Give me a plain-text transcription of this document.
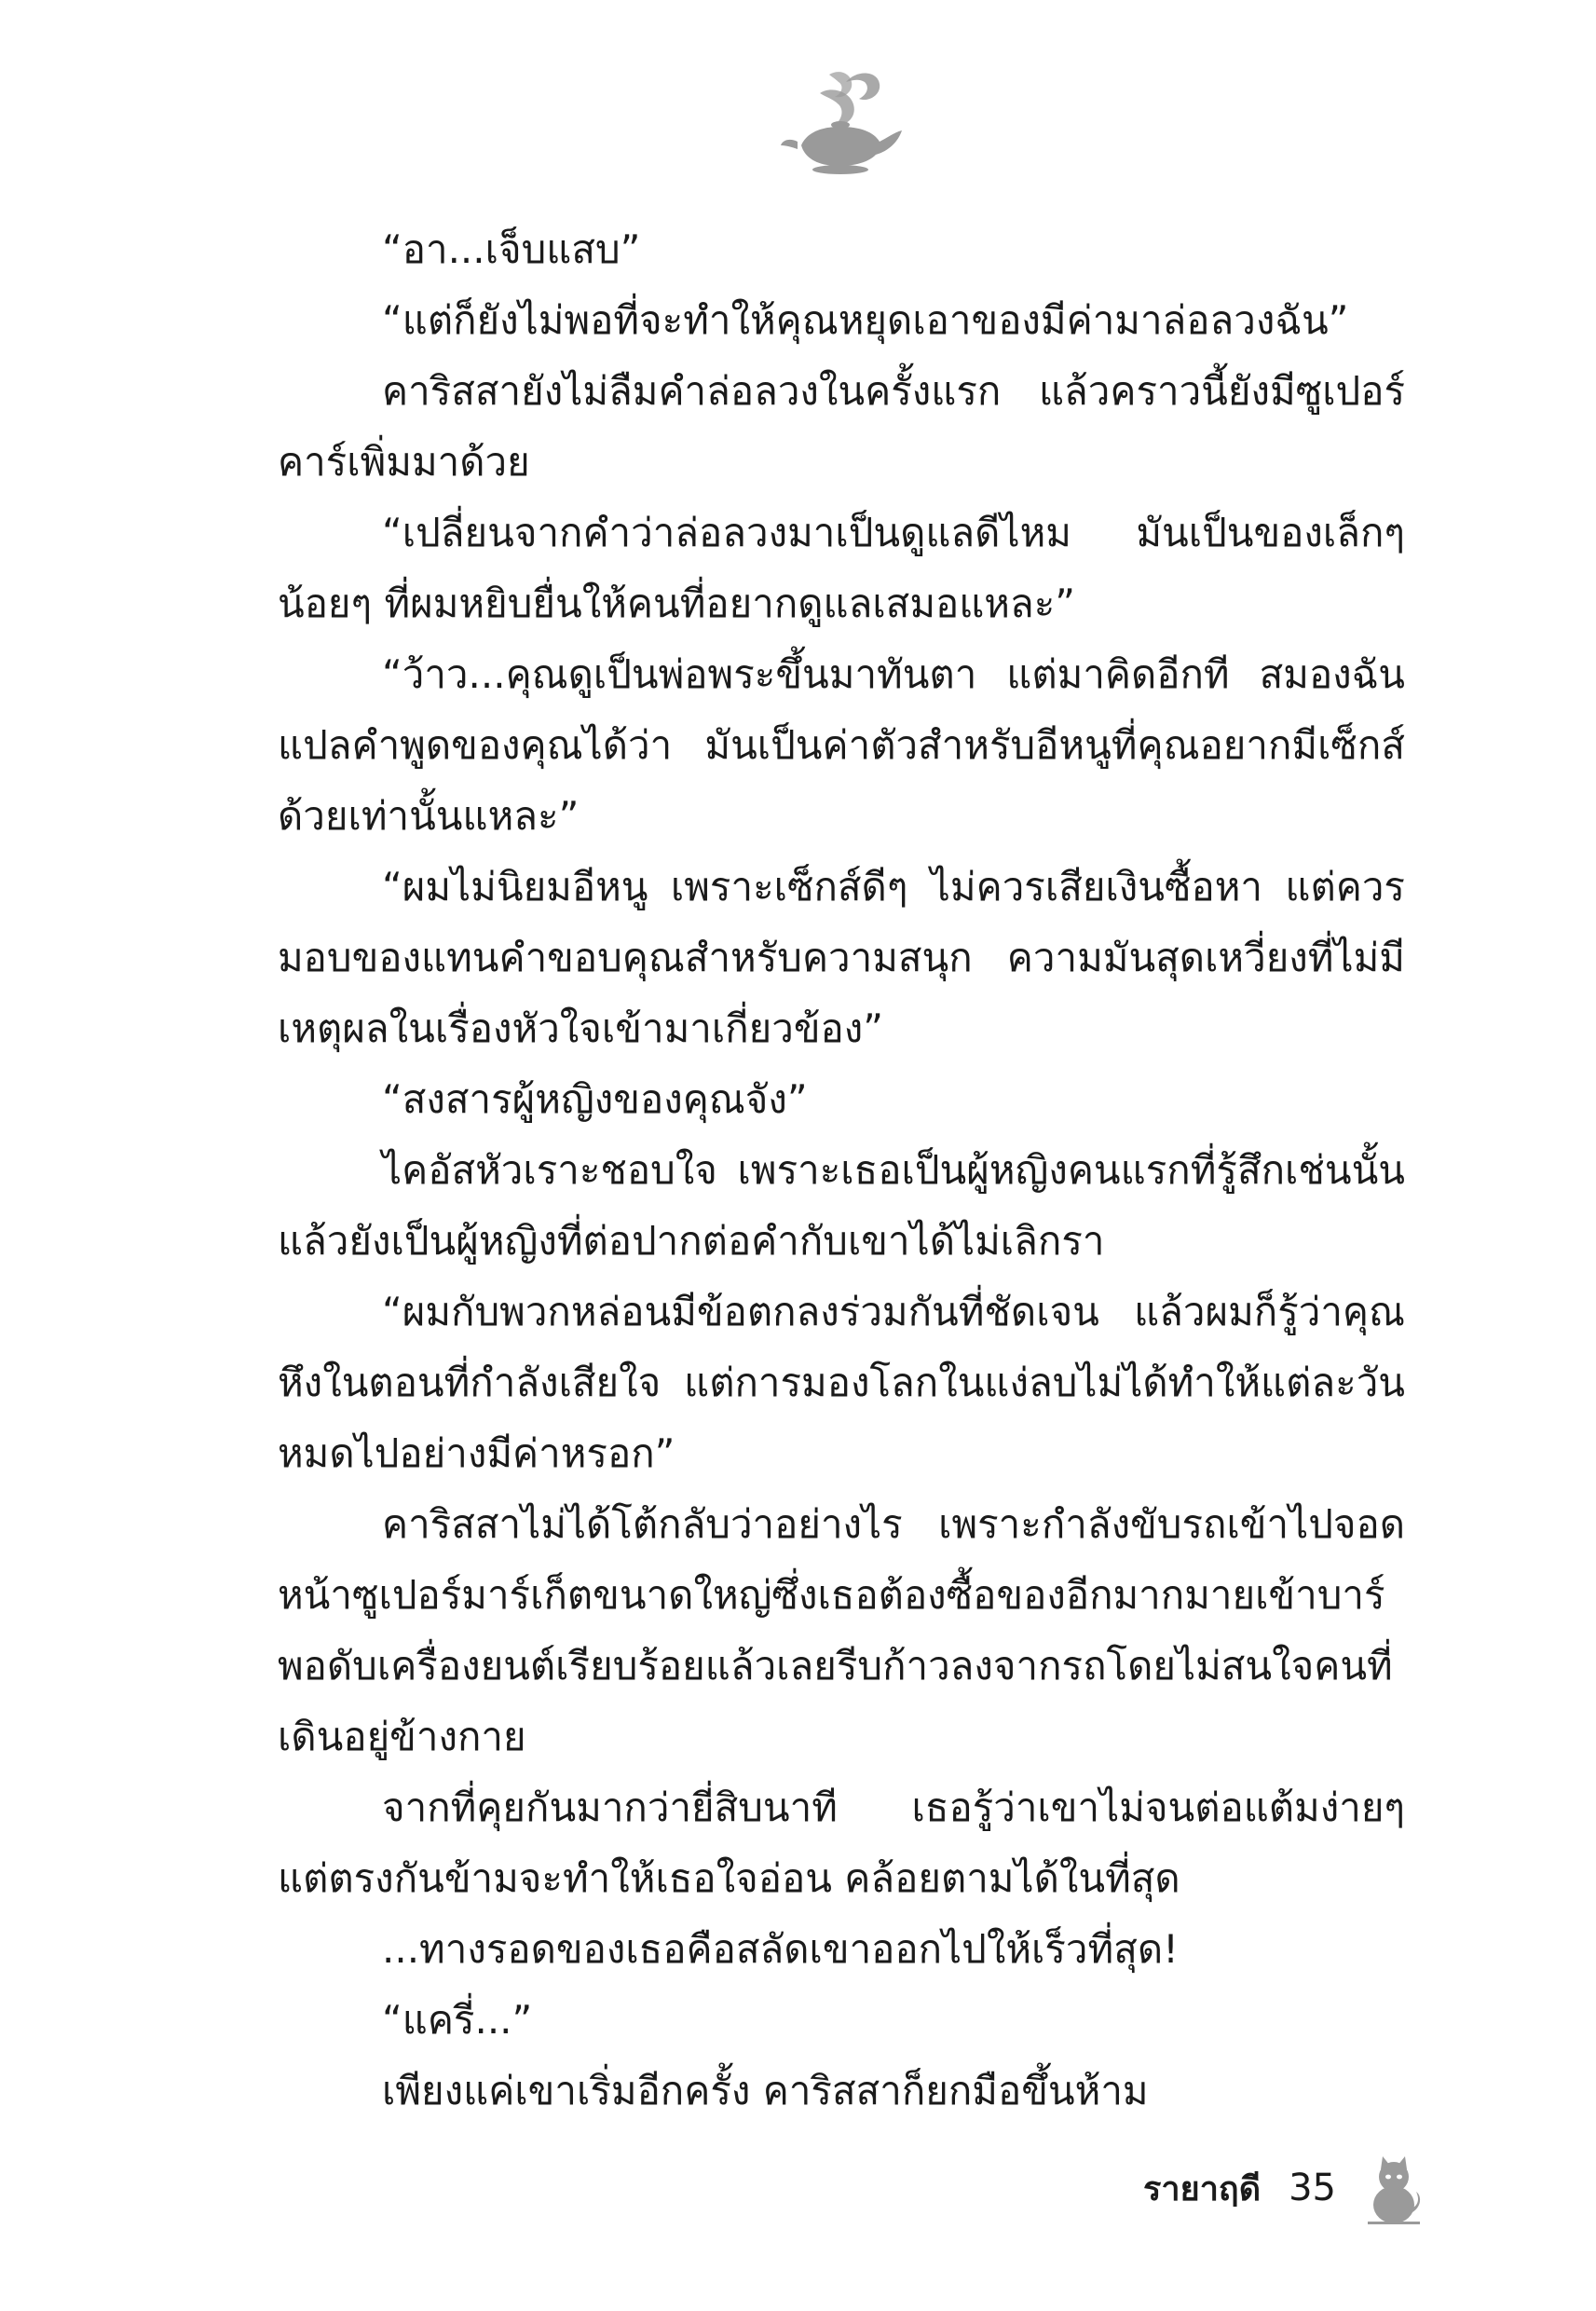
“อา...เจ็บแสบ”

“แต่ก็ยังไม่พอที่จะทำให้คุณหยุดเอาของมีค่ามาล่อลวงฉัน”

คาริสสายังไม่ลืมคำล่อลวงในครั้งแรก แล้วคราวนี้ยังมีซูเปอร์คาร์เพิ่มมาด้วย

“เปลี่ยนจากคำว่าล่อลวงมาเป็นดูแลดีไหม มันเป็นของเล็กๆ น้อยๆ ที่ผมหยิบยื่นให้คนที่อยากดูแลเสมอแหละ”

“ว้าว...คุณดูเป็นพ่อพระขึ้นมาทันตา แต่มาคิดอีกที สมองฉันแปลคำพูดของคุณได้ว่า มันเป็นค่าตัวสำหรับอีหนูที่คุณอยากมีเซ็กส์ด้วยเท่านั้นแหละ”

“ผมไม่นิยมอีหนู เพราะเซ็กส์ดีๆ ไม่ควรเสียเงินซื้อหา แต่ควรมอบของแทนคำขอบคุณสำหรับความสนุก ความมันสุดเหวี่ยงที่ไม่มีเหตุผลในเรื่องหัวใจเข้ามาเกี่ยวข้อง”

“สงสารผู้หญิงของคุณจัง”

ไคอัสหัวเราะชอบใจ เพราะเธอเป็นผู้หญิงคนแรกที่รู้สึกเช่นนั้น แล้วยังเป็นผู้หญิงที่ต่อปากต่อคำกับเขาได้ไม่เลิกรา

“ผมกับพวกหล่อนมีข้อตกลงร่วมกันที่ชัดเจน แล้วผมก็รู้ว่าคุณหึงในตอนที่กำลังเสียใจ แต่การมองโลกในแง่ลบไม่ได้ทำให้แต่ละวันหมดไปอย่างมีค่าหรอก”

คาริสสาไม่ได้โต้กลับว่าอย่างไร เพราะกำลังขับรถเข้าไปจอดหน้าซูเปอร์มาร์เก็ตขนาดใหญ่ซึ่งเธอต้องซื้อของอีกมากมายเข้าบาร์ พอดับเครื่องยนต์เรียบร้อยแล้วเลยรีบก้าวลงจากรถโดยไม่สนใจคนที่เดินอยู่ข้างกาย

จากที่คุยกันมากว่ายี่สิบนาที เธอรู้ว่าเขาไม่จนต่อแต้มง่ายๆ แต่ตรงกันข้ามจะทำให้เธอใจอ่อน คล้อยตามได้ในที่สุด

...ทางรอดของเธอคือสลัดเขาออกไปให้เร็วที่สุด!

“แครี่...”

เพียงแค่เขาเริ่มอีกครั้ง คาริสสาก็ยกมือขึ้นห้าม

รายาฤดี 35
